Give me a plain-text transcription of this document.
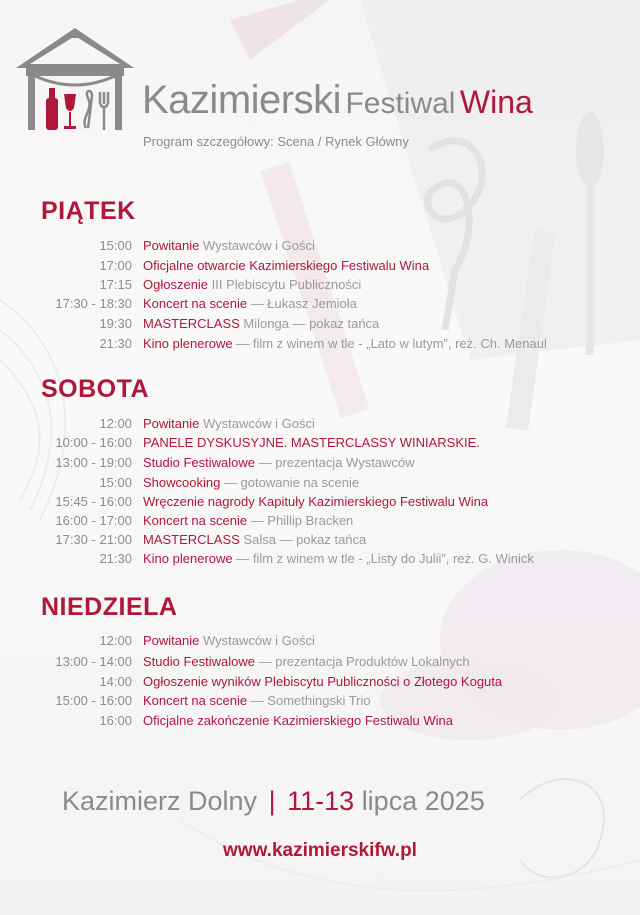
Kazimierski Festiwal Wina
Program szczegółowy: Scena / Rynek Główny
PIĄTEK
15:00 Powitanie Wystawców i Gości
17:00 Oficjalne otwarcie Kazimierskiego Festiwalu Wina
17:15 Ogłoszenie III Plebiscytu Publiczności
17:30 - 18:30 Koncert na scenie — Łukasz Jemioła
19:30 MASTERCLASS Milonga — pokaz tańca
21:30 Kino plenerowe — film z winem w tle - „Lato w lutym”, reż. Ch. Menaul
SOBOTA
12:00 Powitanie Wystawców i Gości
10:00 - 16:00 PANELE DYSKUSYJNE. MASTERCLASSY WINIARSKIE.
13:00 - 19:00 Studio Festiwalowe — prezentacja Wystawców
15:00 Showcooking — gotowanie na scenie
15:45 - 16:00 Wręczenie nagrody Kapituły Kazimierskiego Festiwalu Wina
16:00 - 17:00 Koncert na scenie — Phillip Bracken
17:30 - 21:00 MASTERCLASS Salsa — pokaz tańca
21:30 Kino plenerowe — film z winem w tle - „Listy do Julii”, reż. G. Winick
NIEDZIELA
12:00 Powitanie Wystawców i Gości
13:00 - 14:00 Studio Festiwalowe — prezentacja Produktów Lokalnych
14:00 Ogłoszenie wyników Plebiscytu Publiczności o Złotego Koguta
15:00 - 16:00 Koncert na scenie — Somethingski Trio
16:00 Oficjalne zakończenie Kazimierskiego Festiwalu Wina
Kazimierz Dolny | 11-13 lipca 2025
www.kazimierskifw.pl
